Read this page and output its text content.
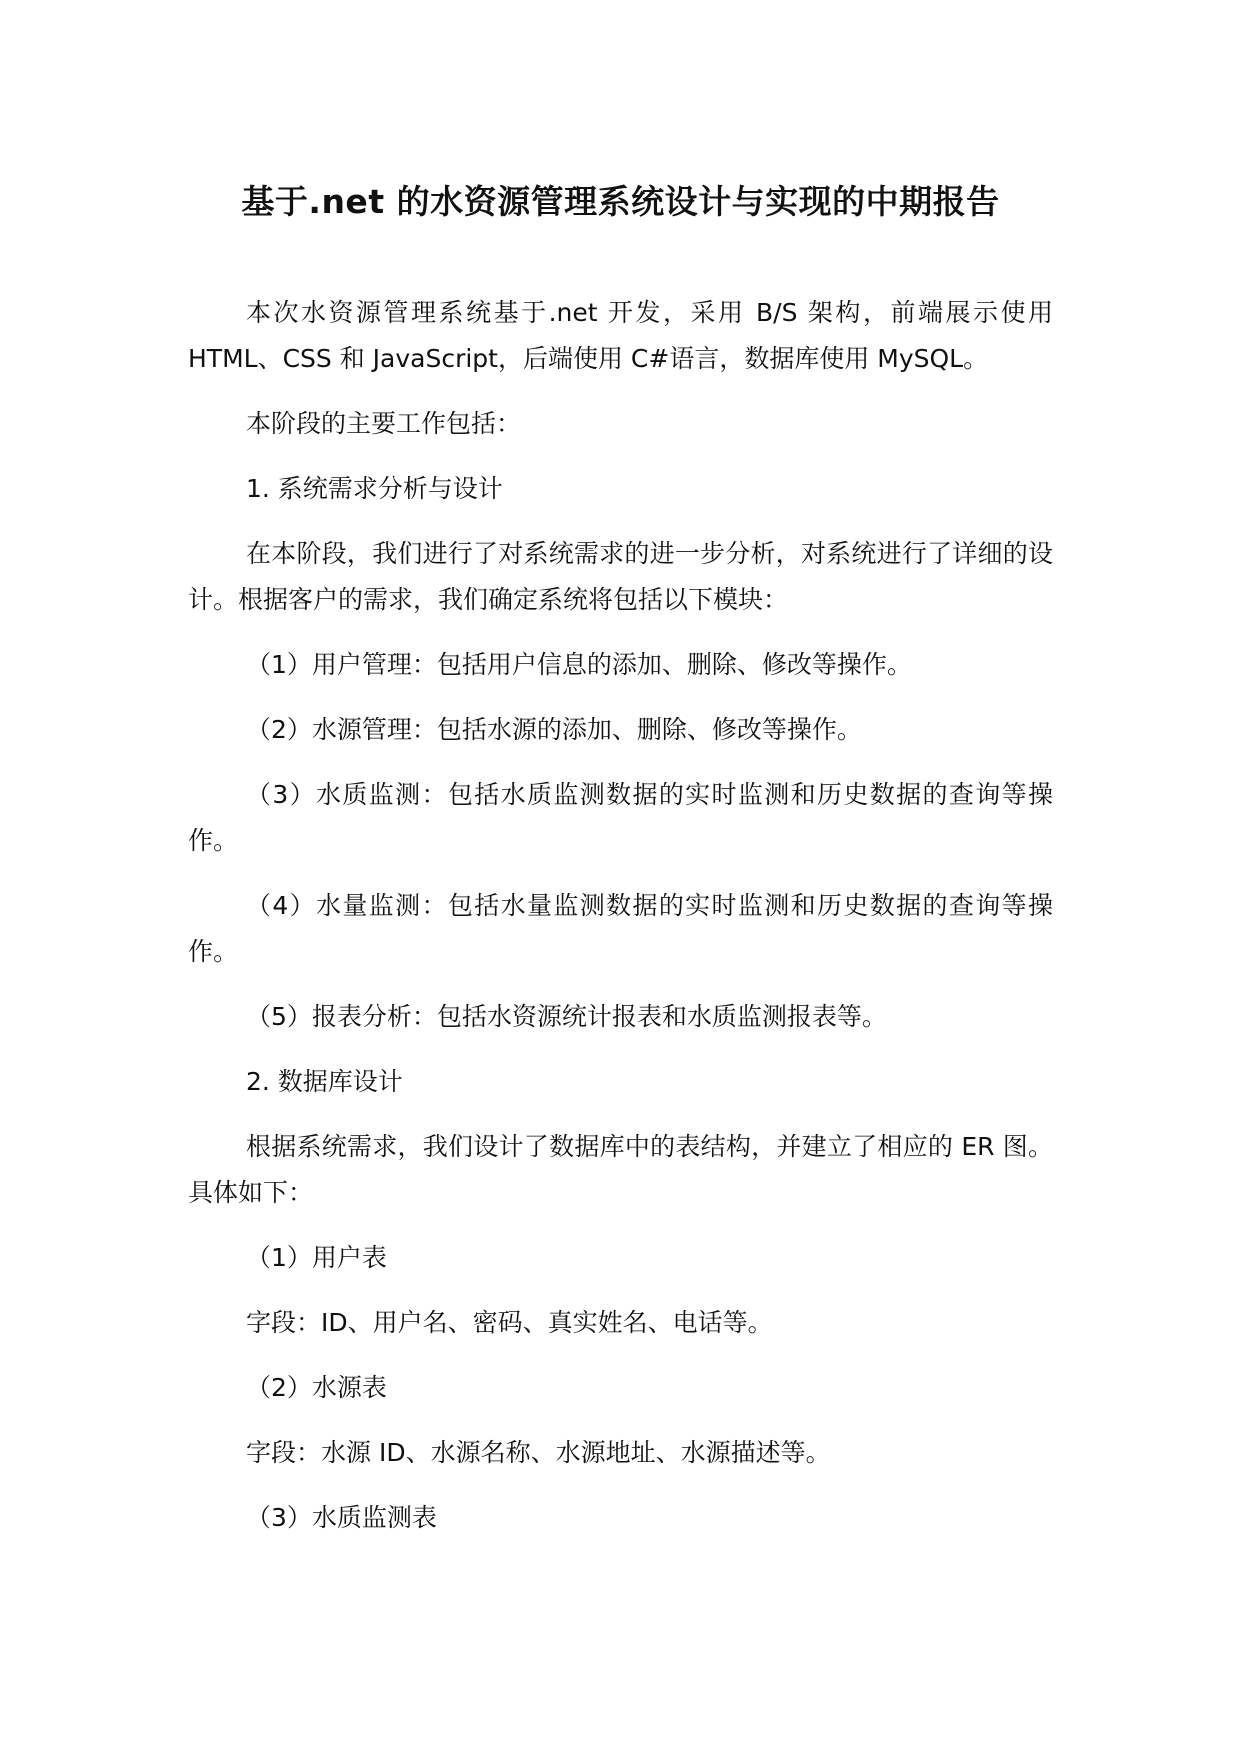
基于.net 的水资源管理系统设计与实现的中期报告

本次水资源管理系统基于.net 开发，采用 B/S 架构，前端展示使用 HTML、CSS 和 JavaScript，后端使用 C#语言，数据库使用 MySQL。

本阶段的主要工作包括：

1. 系统需求分析与设计

在本阶段，我们进行了对系统需求的进一步分析，对系统进行了详细的设计。根据客户的需求，我们确定系统将包括以下模块：

（1）用户管理：包括用户信息的添加、删除、修改等操作。

（2）水源管理：包括水源的添加、删除、修改等操作。

（3）水质监测：包括水质监测数据的实时监测和历史数据的查询等操作。

（4）水量监测：包括水量监测数据的实时监测和历史数据的查询等操作。

（5）报表分析：包括水资源统计报表和水质监测报表等。

2. 数据库设计

根据系统需求，我们设计了数据库中的表结构，并建立了相应的 ER 图。具体如下：

（1）用户表

字段：ID、用户名、密码、真实姓名、电话等。

（2）水源表

字段：水源 ID、水源名称、水源地址、水源描述等。

（3）水质监测表
